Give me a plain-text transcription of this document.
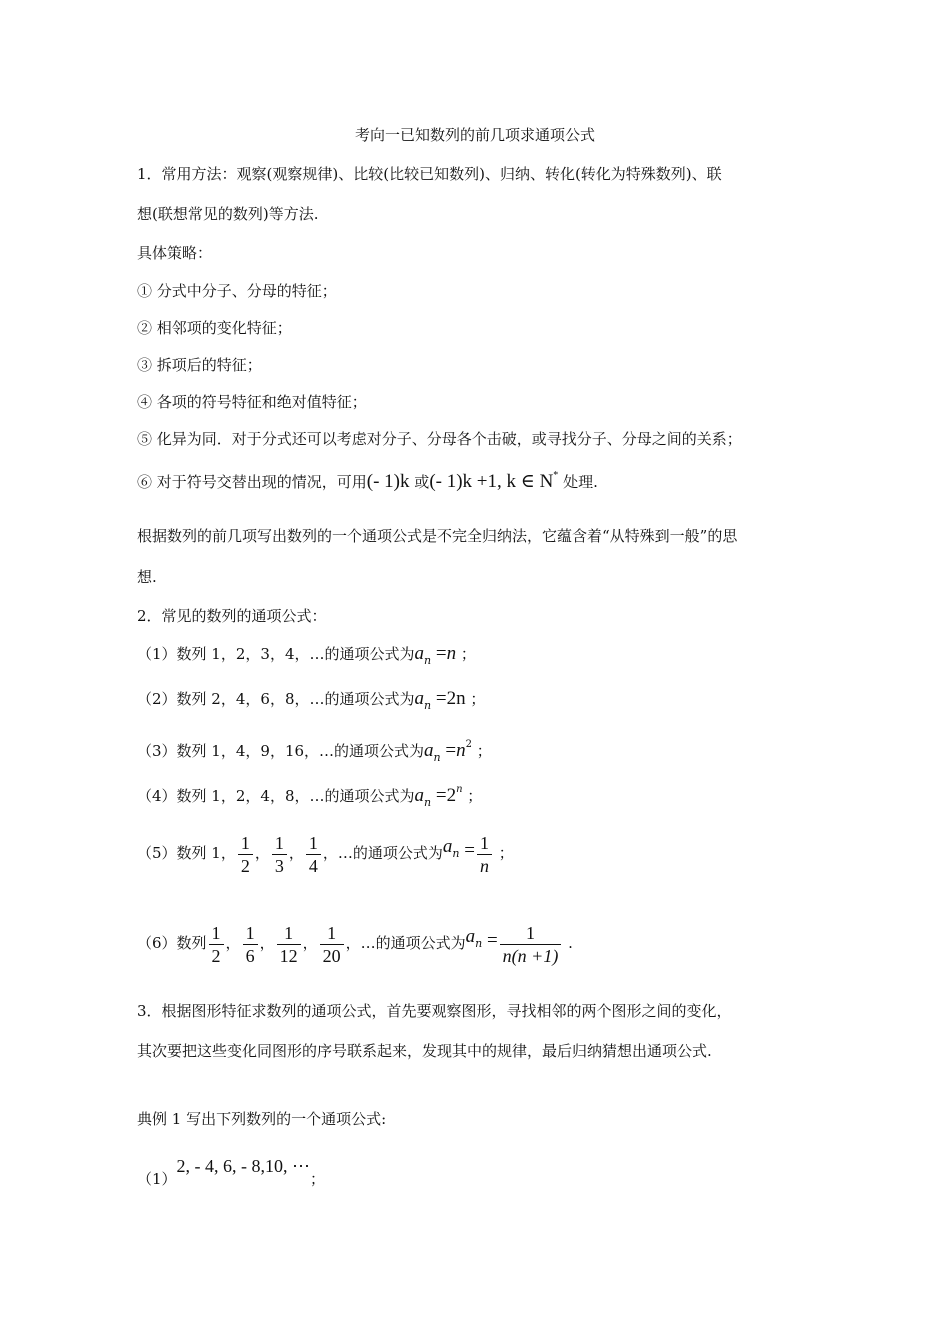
考向一已知数列的前几项求通项公式
1．常用方法：观察(观察规律)、比较(比较已知数列)、归纳、转化(转化为特殊数列)、联
想(联想常见的数列)等方法.
具体策略：
① 分式中分子、分母的特征；
② 相邻项的变化特征；
③ 拆项后的特征；
④ 各项的符号特征和绝对值特征；
⑤ 化异为同．对于分式还可以考虑对分子、分母各个击破，或寻找分子、分母之间的关系；
⑥ 对于符号交替出现的情况，可用(- 1)k 或(- 1)k +1, k ∈ N* 处理.
根据数列的前几项写出数列的一个通项公式是不完全归纳法，它蕴含着“从特殊到一般”的思
想.
2．常见的数列的通项公式：
（1）数列 1，2，3，4，…的通项公式为$a_n =n$ ；
（2）数列 2，4，6，8，…的通项公式为$a_n =2n$ ；
（3）数列 1，4，9，16，…的通项公式为$a_n =n^2$ ；
（4）数列 1，2，4，8，…的通项公式为$a_n =2^n$ ；
（5）数列 1， $\frac{1}{2}$ ， $\frac{1}{3}$ ， $\frac{1}{4}$ ，…的通项公式为an = $\frac{1}{n}$ ；
（6）数列 $\frac{1}{2}$ ， $\frac{1}{6}$ ， $\frac{1}{12}$ ， $\frac{1}{20}$ ，…的通项公式为an = $\frac{1}{n(n +1)}$ .
3．根据图形特征求数列的通项公式，首先要观察图形，寻找相邻的两个图形之间的变化，
其次要把这些变化同图形的序号联系起来，发现其中的规律，最后归纳猜想出通项公式.
典例 1 写出下列数列的一个通项公式:
（1）2, - 4, 6, - 8,10, ⋯；
